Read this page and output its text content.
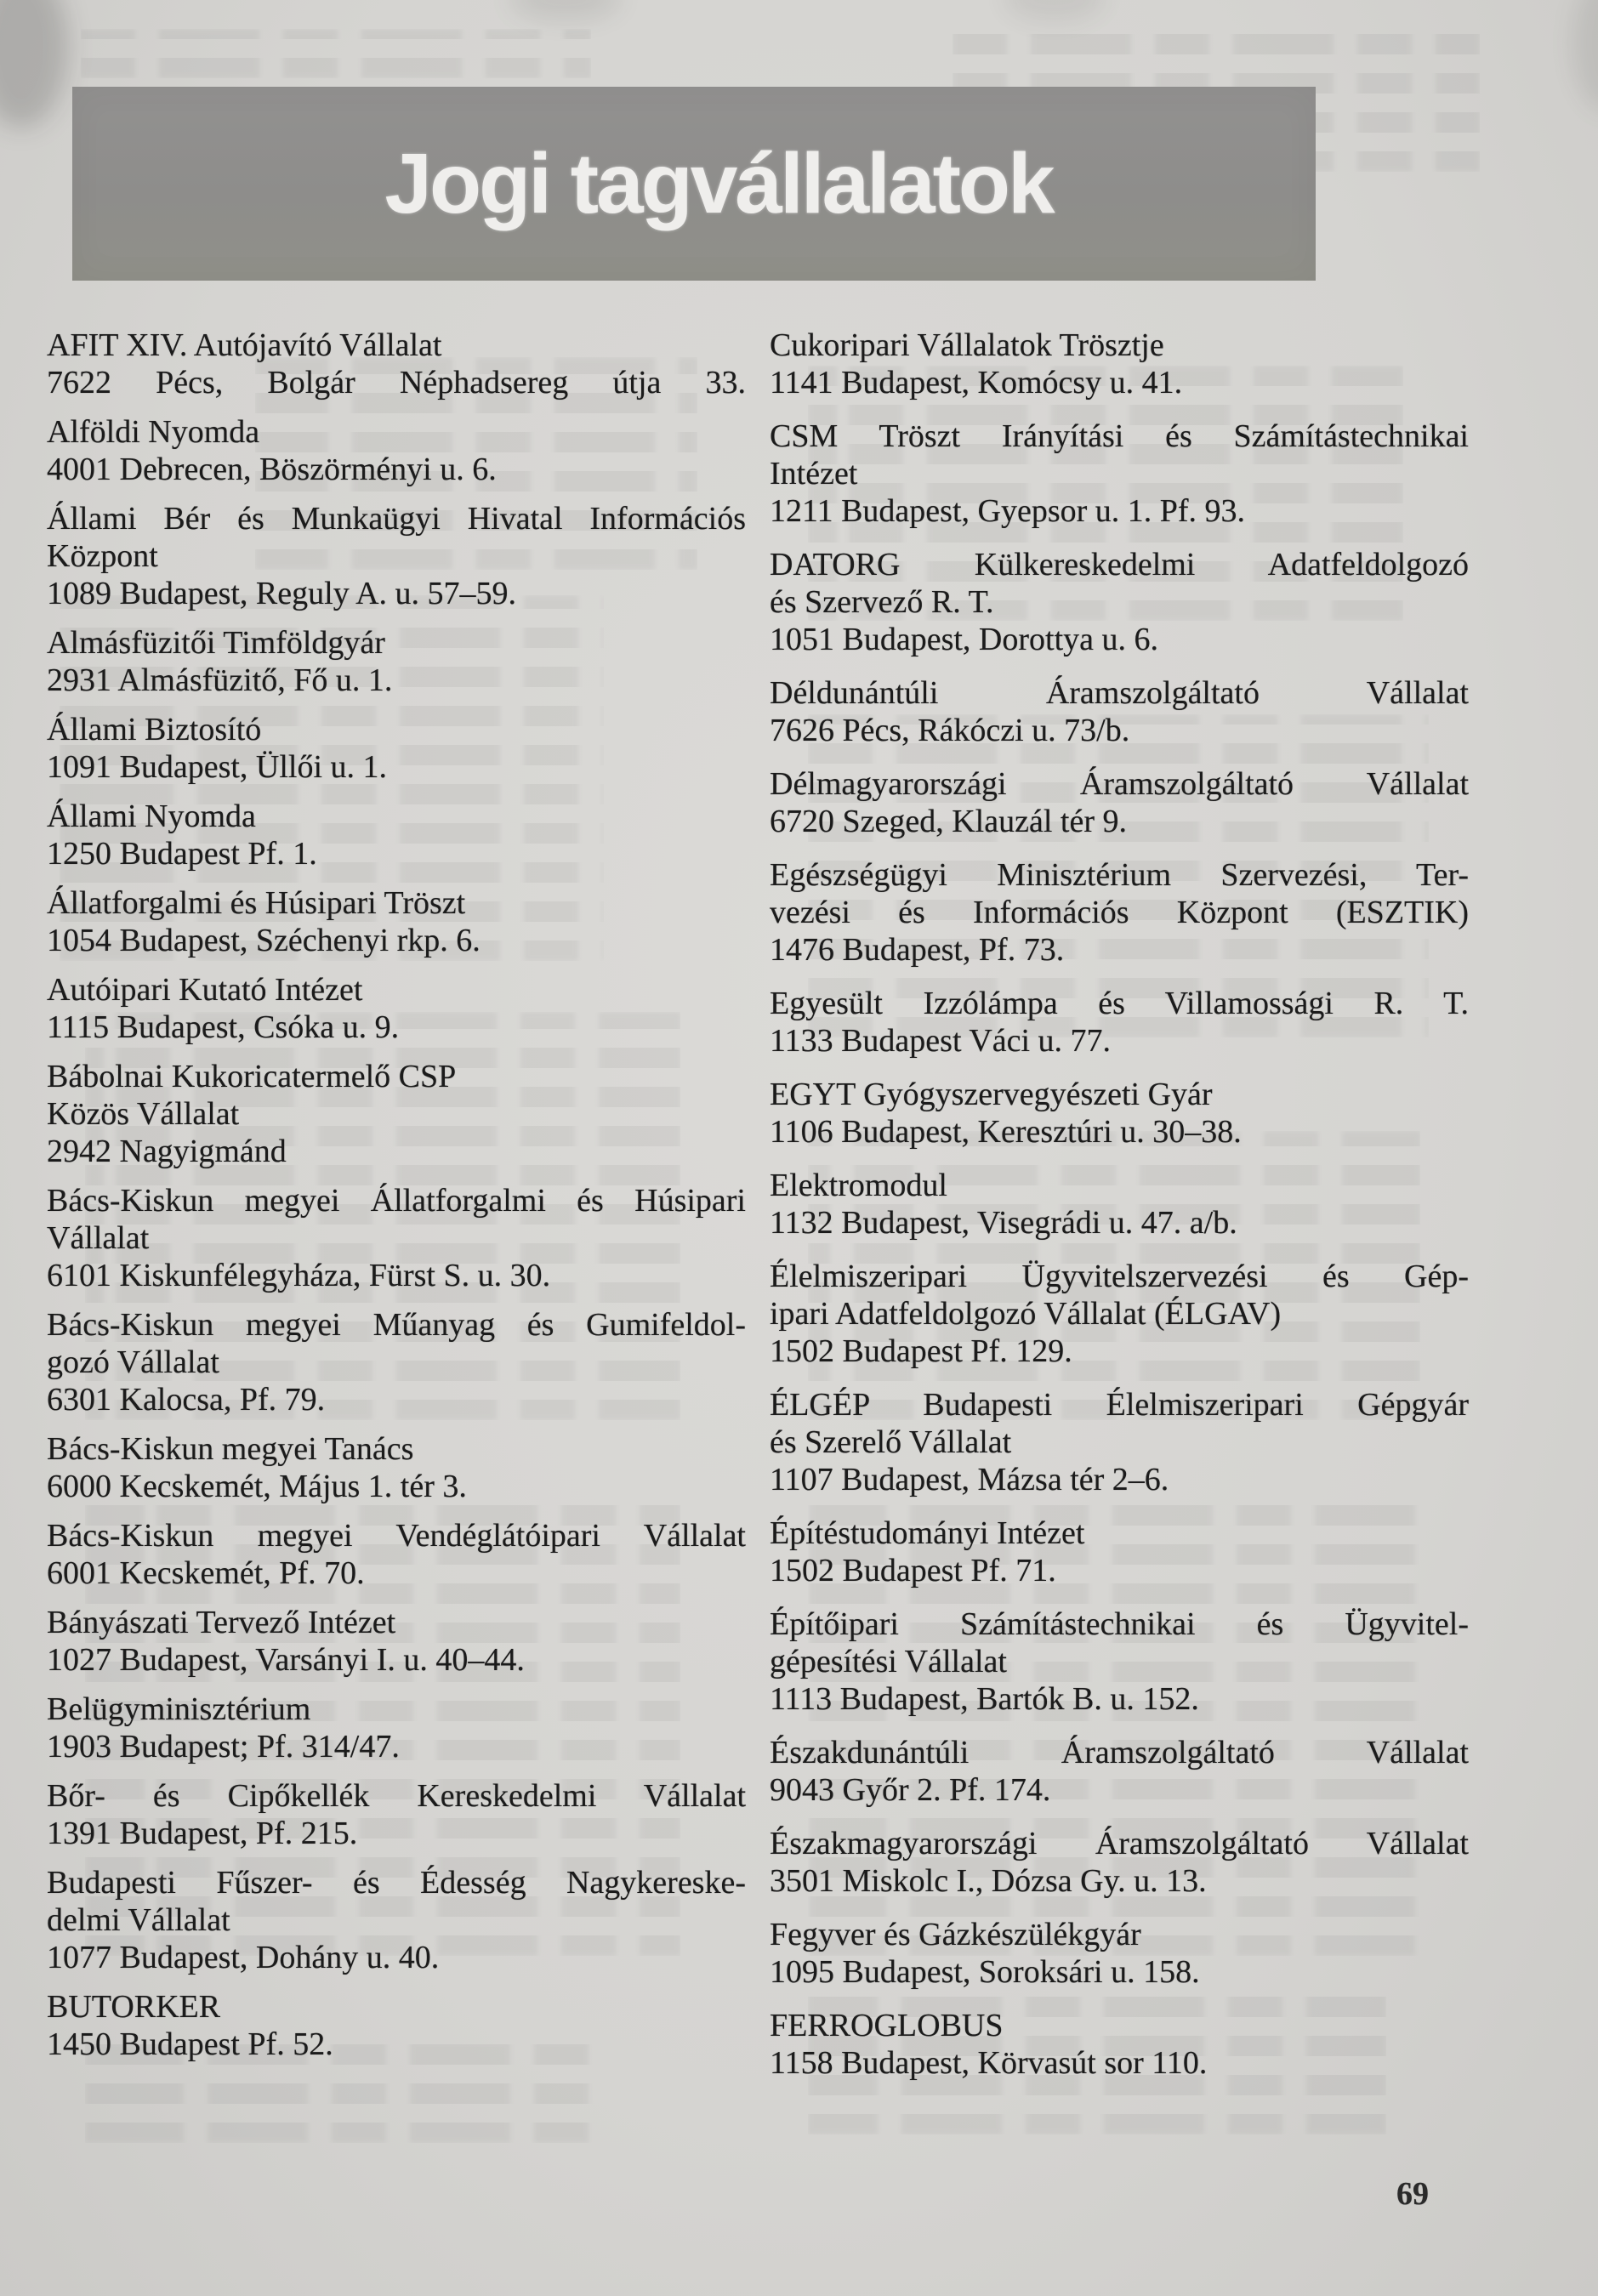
Jogi tagvállalatok

AFIT XIV. Autójavító Vállalat
7622 Pécs, Bolgár Néphadsereg útja 33.

Alföldi Nyomda
4001 Debrecen, Böszörményi u. 6.

Állami Bér és Munkaügyi Hivatal Információs
Központ
1089 Budapest, Reguly A. u. 57–59.

Almásfüzitői Timföldgyár
2931 Almásfüzitő, Fő u. 1.

Állami Biztosító
1091 Budapest, Üllői u. 1.

Állami Nyomda
1250 Budapest Pf. 1.

Állatforgalmi és Húsipari Tröszt
1054 Budapest, Széchenyi rkp. 6.

Autóipari Kutató Intézet
1115 Budapest, Csóka u. 9.

Bábolnai Kukoricatermelő CSP
Közös Vállalat
2942 Nagyigmánd

Bács-Kiskun megyei Állatforgalmi és Húsipari
Vállalat
6101 Kiskunfélegyháza, Fürst S. u. 30.

Bács-Kiskun megyei Műanyag és Gumifeldol-
gozó Vállalat
6301 Kalocsa, Pf. 79.

Bács-Kiskun megyei Tanács
6000 Kecskemét, Május 1. tér 3.

Bács-Kiskun megyei Vendéglátóipari Vállalat
6001 Kecskemét, Pf. 70.

Bányászati Tervező Intézet
1027 Budapest, Varsányi I. u. 40–44.

Belügyminisztérium
1903 Budapest; Pf. 314/47.

Bőr- és Cipőkellék Kereskedelmi Vállalat
1391 Budapest, Pf. 215.

Budapesti Fűszer- és Édesség Nagykereske-
delmi Vállalat
1077 Budapest, Dohány u. 40.

BUTORKER
1450 Budapest Pf. 52.

Cukoripari Vállalatok Trösztje
1141 Budapest, Komócsy u. 41.

CSM Tröszt Irányítási és Számítástechnikai
Intézet
1211 Budapest, Gyepsor u. 1. Pf. 93.

DATORG Külkereskedelmi Adatfeldolgozó
és Szervező R. T.
1051 Budapest, Dorottya u. 6.

Déldunántúli Áramszolgáltató Vállalat
7626 Pécs, Rákóczi u. 73/b.

Délmagyarországi Áramszolgáltató Vállalat
6720 Szeged, Klauzál tér 9.

Egészségügyi Minisztérium Szervezési, Ter-
vezési és Információs Központ (ESZTIK)
1476 Budapest, Pf. 73.

Egyesült Izzólámpa és Villamossági R. T.
1133 Budapest Váci u. 77.

EGYT Gyógyszervegyészeti Gyár
1106 Budapest, Keresztúri u. 30–38.

Elektromodul
1132 Budapest, Visegrádi u. 47. a/b.

Élelmiszeripari Ügyvitelszervezési és Gép-
ipari Adatfeldolgozó Vállalat (ÉLGAV)
1502 Budapest Pf. 129.

ÉLGÉP Budapesti Élelmiszeripari Gépgyár
és Szerelő Vállalat
1107 Budapest, Mázsa tér 2–6.

Építéstudományi Intézet
1502 Budapest Pf. 71.

Építőipari Számítástechnikai és Ügyvitel-
gépesítési Vállalat
1113 Budapest, Bartók B. u. 152.

Északdunántúli Áramszolgáltató Vállalat
9043 Győr 2. Pf. 174.

Északmagyarországi Áramszolgáltató Vállalat
3501 Miskolc I., Dózsa Gy. u. 13.

Fegyver és Gázkészülékgyár
1095 Budapest, Soroksári u. 158.

FERROGLOBUS
1158 Budapest, Körvasút sor 110.

69
